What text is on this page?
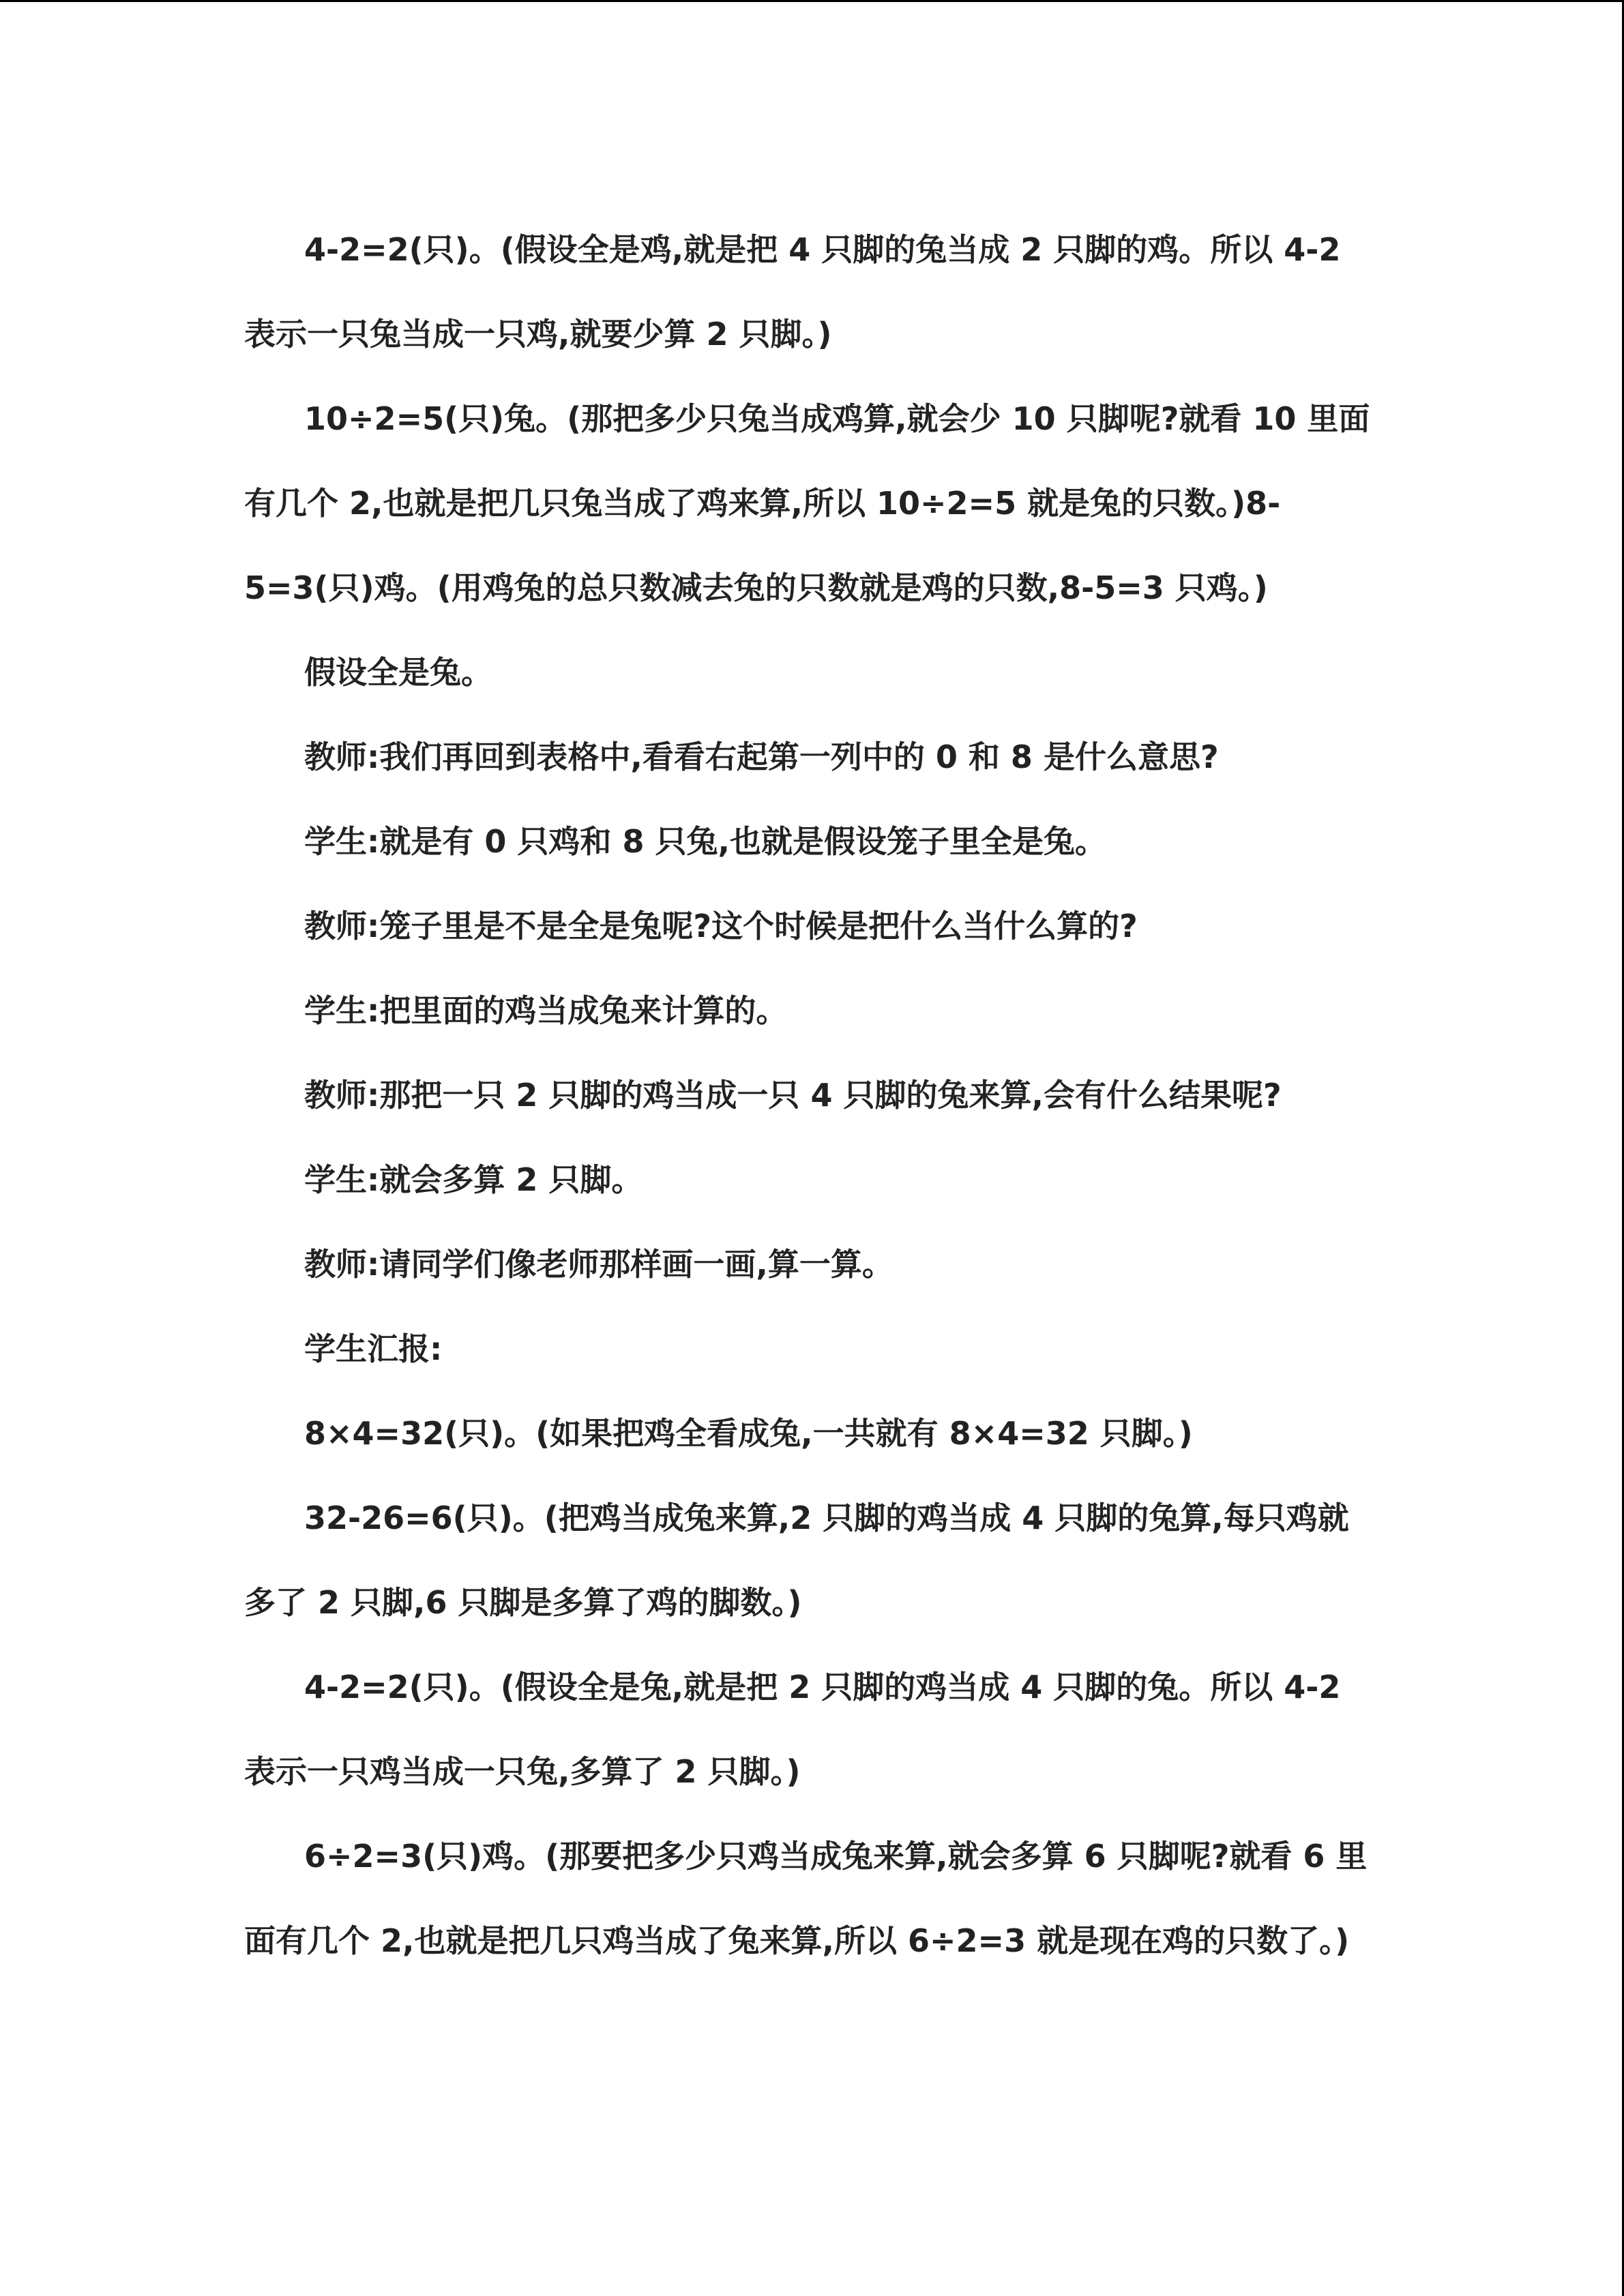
4-2=2(只)。(假设全是鸡,就是把 4 只脚的兔当成 2 只脚的鸡。所以 4-2 表示一只兔当成一只鸡,就要少算 2 只脚。)

10÷2=5(只)兔。(那把多少只兔当成鸡算,就会少 10 只脚呢?就看 10 里面有几个 2,也就是把几只兔当成了鸡来算,所以 10÷2=5 就是兔的只数。)8-5=3(只)鸡。(用鸡兔的总只数减去兔的只数就是鸡的只数,8-5=3 只鸡。)

假设全是兔。

教师:我们再回到表格中,看看右起第一列中的 0 和 8 是什么意思?

学生:就是有 0 只鸡和 8 只兔,也就是假设笼子里全是兔。

教师:笼子里是不是全是兔呢?这个时候是把什么当什么算的?

学生:把里面的鸡当成兔来计算的。

教师:那把一只 2 只脚的鸡当成一只 4 只脚的兔来算,会有什么结果呢?

学生:就会多算 2 只脚。

教师:请同学们像老师那样画一画,算一算。

学生汇报:

8×4=32(只)。(如果把鸡全看成兔,一共就有 8×4=32 只脚。)

32-26=6(只)。(把鸡当成兔来算,2 只脚的鸡当成 4 只脚的兔算,每只鸡就多了 2 只脚,6 只脚是多算了鸡的脚数。)

4-2=2(只)。(假设全是兔,就是把 2 只脚的鸡当成 4 只脚的兔。所以 4-2 表示一只鸡当成一只兔,多算了 2 只脚。)

6÷2=3(只)鸡。(那要把多少只鸡当成兔来算,就会多算 6 只脚呢?就看 6 里面有几个 2,也就是把几只鸡当成了兔来算,所以 6÷2=3 就是现在鸡的只数了。)
